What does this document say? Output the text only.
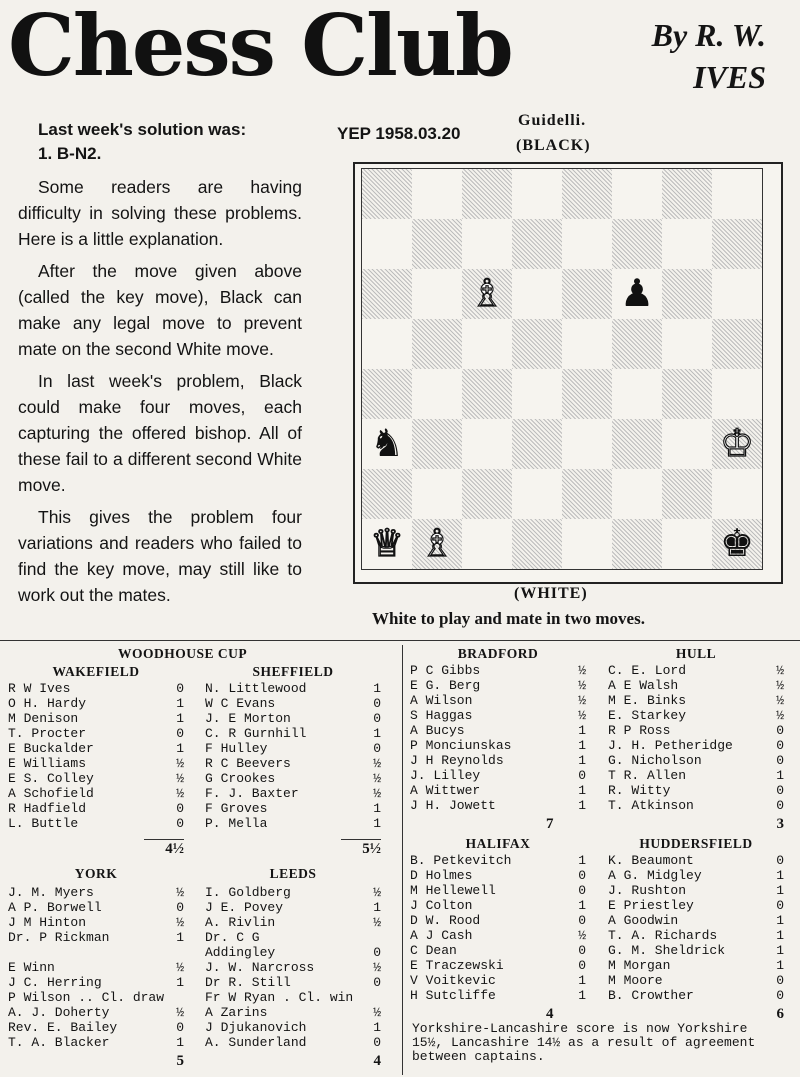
Chess Club	By R. W.
IVES
Last week's solution was:
1. B-N2.
YEP 1958.03.20

Some readers are having difficulty in solving these problems. Here is a little explanation.

After the move given above (called the key move), Black can make any legal move to prevent mate on the second White move.

In last week's problem, Black could make four moves, each capturing the offered bishop. All of these fail to a different second White move.

This gives the problem four variations and readers who failed to find the key move, may still like to work out the mates.

Guidelli.
(BLACK)
♗	♟
♞	♔
♕ ♗	♚
(WHITE)
White to play and mate in two moves.
WOODHOUSE CUP
WAKEFIELD
R W Ives	0
O H. Hardy	1
M Denison	1
T. Procter	0
E Buckalder	1
E Williams	½
E S. Colley	½
A Schofield	½
R Hadfield	0
L. Buttle	0
4½
SHEFFIELD
N. Littlewood	1
W C Evans	0
J. E Morton	0
C. R Gurnhill	1
F Hulley	0
R C Beevers	½
G Crookes	½
F. J. Baxter	½
F Groves	1
P. Mella	1
5½
YORK
J. M. Myers	½
A P. Borwell	0
J M Hinton	½
Dr. P Rickman	1
E Winn	½
J C. Herring	1
P Wilson .. Cl. draw
A. J. Doherty	½
Rev. E. Bailey	0
T. A. Blacker	1
5
LEEDS
I. Goldberg	½
J E. Povey	1
A. Rivlin	½
Dr. C G
Addingley	0
J. W. Narcross	½
Dr R. Still	0
Fr W Ryan . Cl. win
A Zarins	½
J Djukanovich	1
A. Sunderland	0
4
BRADFORD
P C Gibbs	½
E G. Berg	½
A Wilson	½
S Haggas	½
A Bucys	1
P Monciunskas	1
J H Reynolds	1
J. Lilley	0
A Wittwer	1
J H. Jowett	1
7
HULL
C. E. Lord	½
A E Walsh	½
M E. Binks	½
E. Starkey	½
R P Ross	0
J. H. Petheridge	0
G. Nicholson	0
T R. Allen	1
R. Witty	0
T. Atkinson	0
3
HALIFAX
B. Petkevitch	1
D Holmes	0
M Hellewell	0
J Colton	1
D W. Rood	0
A J Cash	½
C Dean	0
E Traczewski	0
V Voitkevic	1
H Sutcliffe	1
4
HUDDERSFIELD
K. Beaumont	0
A G. Midgley	1
J. Rushton	1
E Priestley	0
A Goodwin	1
T. A. Richards	1
G. M. Sheldrick	1
M Morgan	1
M Moore	0
B. Crowther	0
6
Yorkshire-Lancashire score is now Yorkshire 15½, Lancashire 14½ as a result of agreement between captains.
